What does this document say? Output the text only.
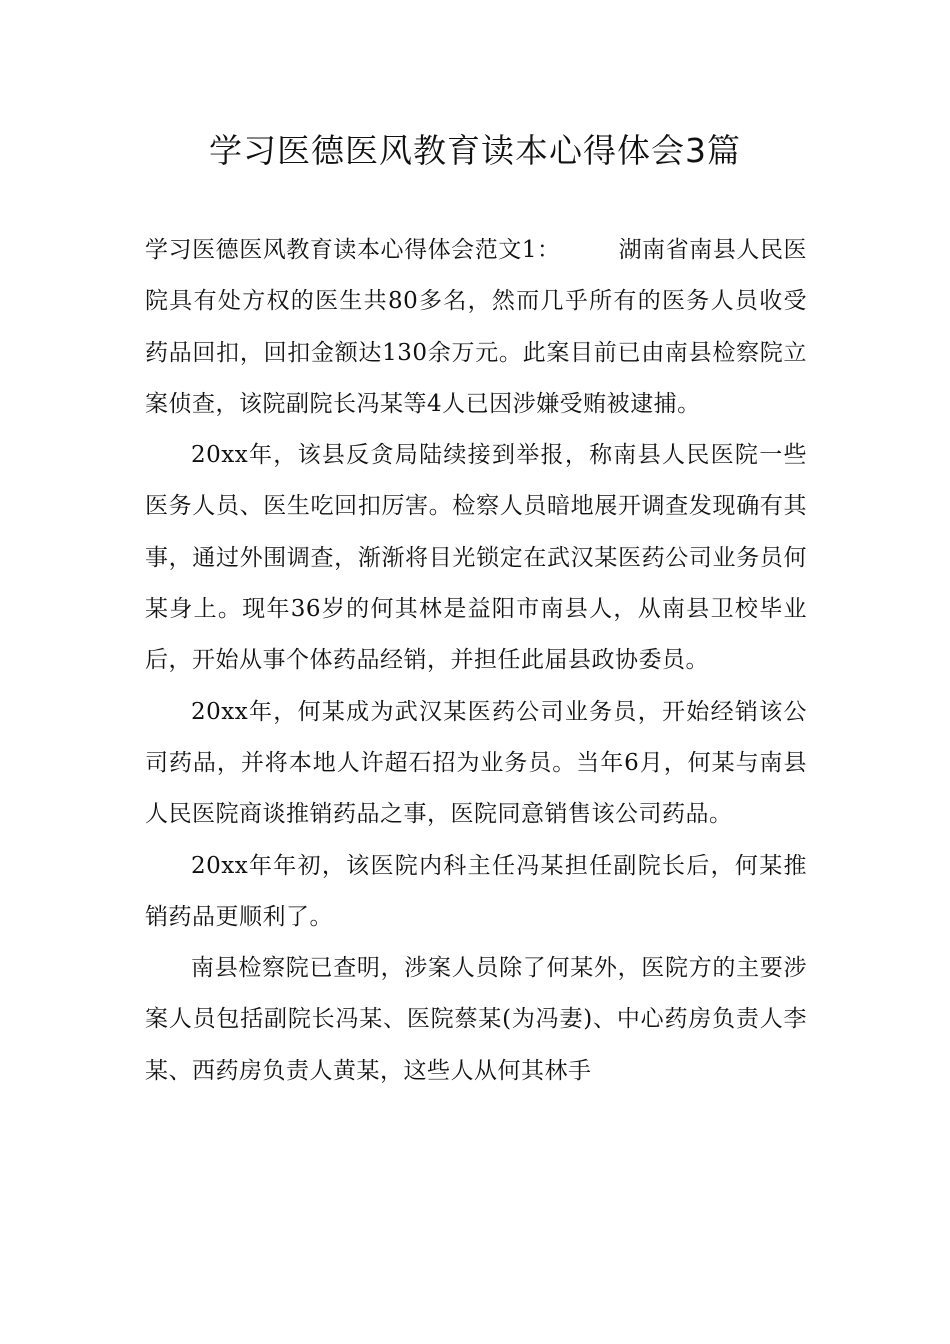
学习医德医风教育读本心得体会3篇

学习医德医风教育读本心得体会范文1：	湖南省南县人民医院具有处方权的医生共80多名，然而几乎所有的医务人员收受药品回扣，回扣金额达130余万元。此案目前已由南县检察院立案侦查，该院副院长冯某等4人已因涉嫌受贿被逮捕。

20xx年，该县反贪局陆续接到举报，称南县人民医院一些医务人员、医生吃回扣厉害。检察人员暗地展开调查发现确有其事，通过外围调查，渐渐将目光锁定在武汉某医药公司业务员何某身上。现年36岁的何其林是益阳市南县人，从南县卫校毕业后，开始从事个体药品经销，并担任此届县政协委员。

20xx年，何某成为武汉某医药公司业务员，开始经销该公司药品，并将本地人许超石招为业务员。当年6月，何某与南县人民医院商谈推销药品之事，医院同意销售该公司药品。

20xx年年初，该医院内科主任冯某担任副院长后，何某推销药品更顺利了。

南县检察院已查明，涉案人员除了何某外，医院方的主要涉案人员包括副院长冯某、医院蔡某(为冯妻)、中心药房负责人李某、西药房负责人黄某，这些人从何其林手
